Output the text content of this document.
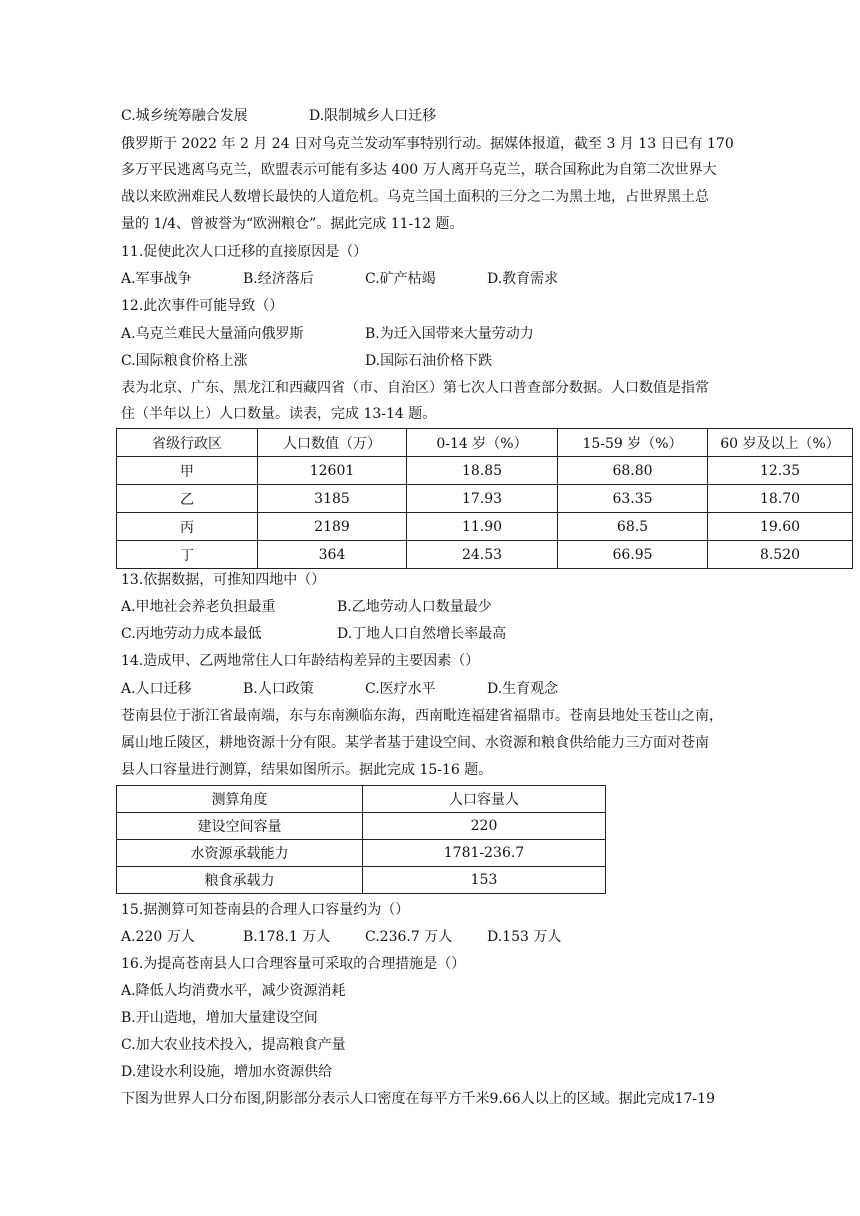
C.城乡统筹融合发展	D.限制城乡人口迁移
俄罗斯于 2022 年 2 月 24 日对乌克兰发动军事特别行动。据媒体报道，截至 3 月 13 日已有 170
多万平民逃离乌克兰，欧盟表示可能有多达 400 万人离开乌克兰，联合国称此为自第二次世界大
战以来欧洲难民人数增长最快的人道危机。乌克兰国土面积的三分之二为黑土地，占世界黑土总
量的 1/4、曾被誉为“欧洲粮仓”。据此完成 11-12 题。
11.促使此次人口迁移的直接原因是（）
A.军事战争	B.经济落后	C.矿产枯竭	D.教育需求
12.此次事件可能导致（）
A.乌克兰难民大量涌向俄罗斯	B.为迁入国带来大量劳动力
C.国际粮食价格上涨	D.国际石油价格下跌
表为北京、广东、黑龙江和西藏四省（市、自治区）第七次人口普查部分数据。人口数值是指常
住（半年以上）人口数量。读表，完成 13-14 题。
省级行政区	人口数值（万）	0-14 岁（%）	15-59 岁（%）	60 岁及以上（%）
甲	12601	18.85	68.80	12.35
乙	3185	17.93	63.35	18.70
丙	2189	11.90	68.5	19.60
丁	364	24.53	66.95	8.520
13.依据数据，可推知四地中（）
A.甲地社会养老负担最重	B.乙地劳动人口数量最少
C.丙地劳动力成本最低	D.丁地人口自然增长率最高
14.造成甲、乙两地常住人口年龄结构差异的主要因素（）
A.人口迁移	B.人口政策	C.医疗水平	D.生育观念
苍南县位于浙江省最南端，东与东南濒临东海，西南毗连福建省福鼎市。苍南县地处玉苍山之南，
属山地丘陵区，耕地资源十分有限。某学者基于建设空间、水资源和粮食供给能力三方面对苍南
县人口容量进行测算，结果如图所示。据此完成 15-16 题。
测算角度	人口容量人
建设空间容量	220
水资源承载能力	1781-236.7
粮食承载力	153
15.据测算可知苍南县的合理人口容量约为（）
A.220 万人	B.178.1 万人 C.236.7 万人 D.153 万人
16.为提高苍南县人口合理容量可采取的合理措施是（）
A.降低人均消费水平，减少资源消耗
B.开山造地，增加大量建设空间
C.加大农业技术投入，提高粮食产量
D.建设水利设施，增加水资源供给
下图为世界人口分布图,阴影部分表示人口密度在每平方千米9.66人以上的区域。据此完成17-19
